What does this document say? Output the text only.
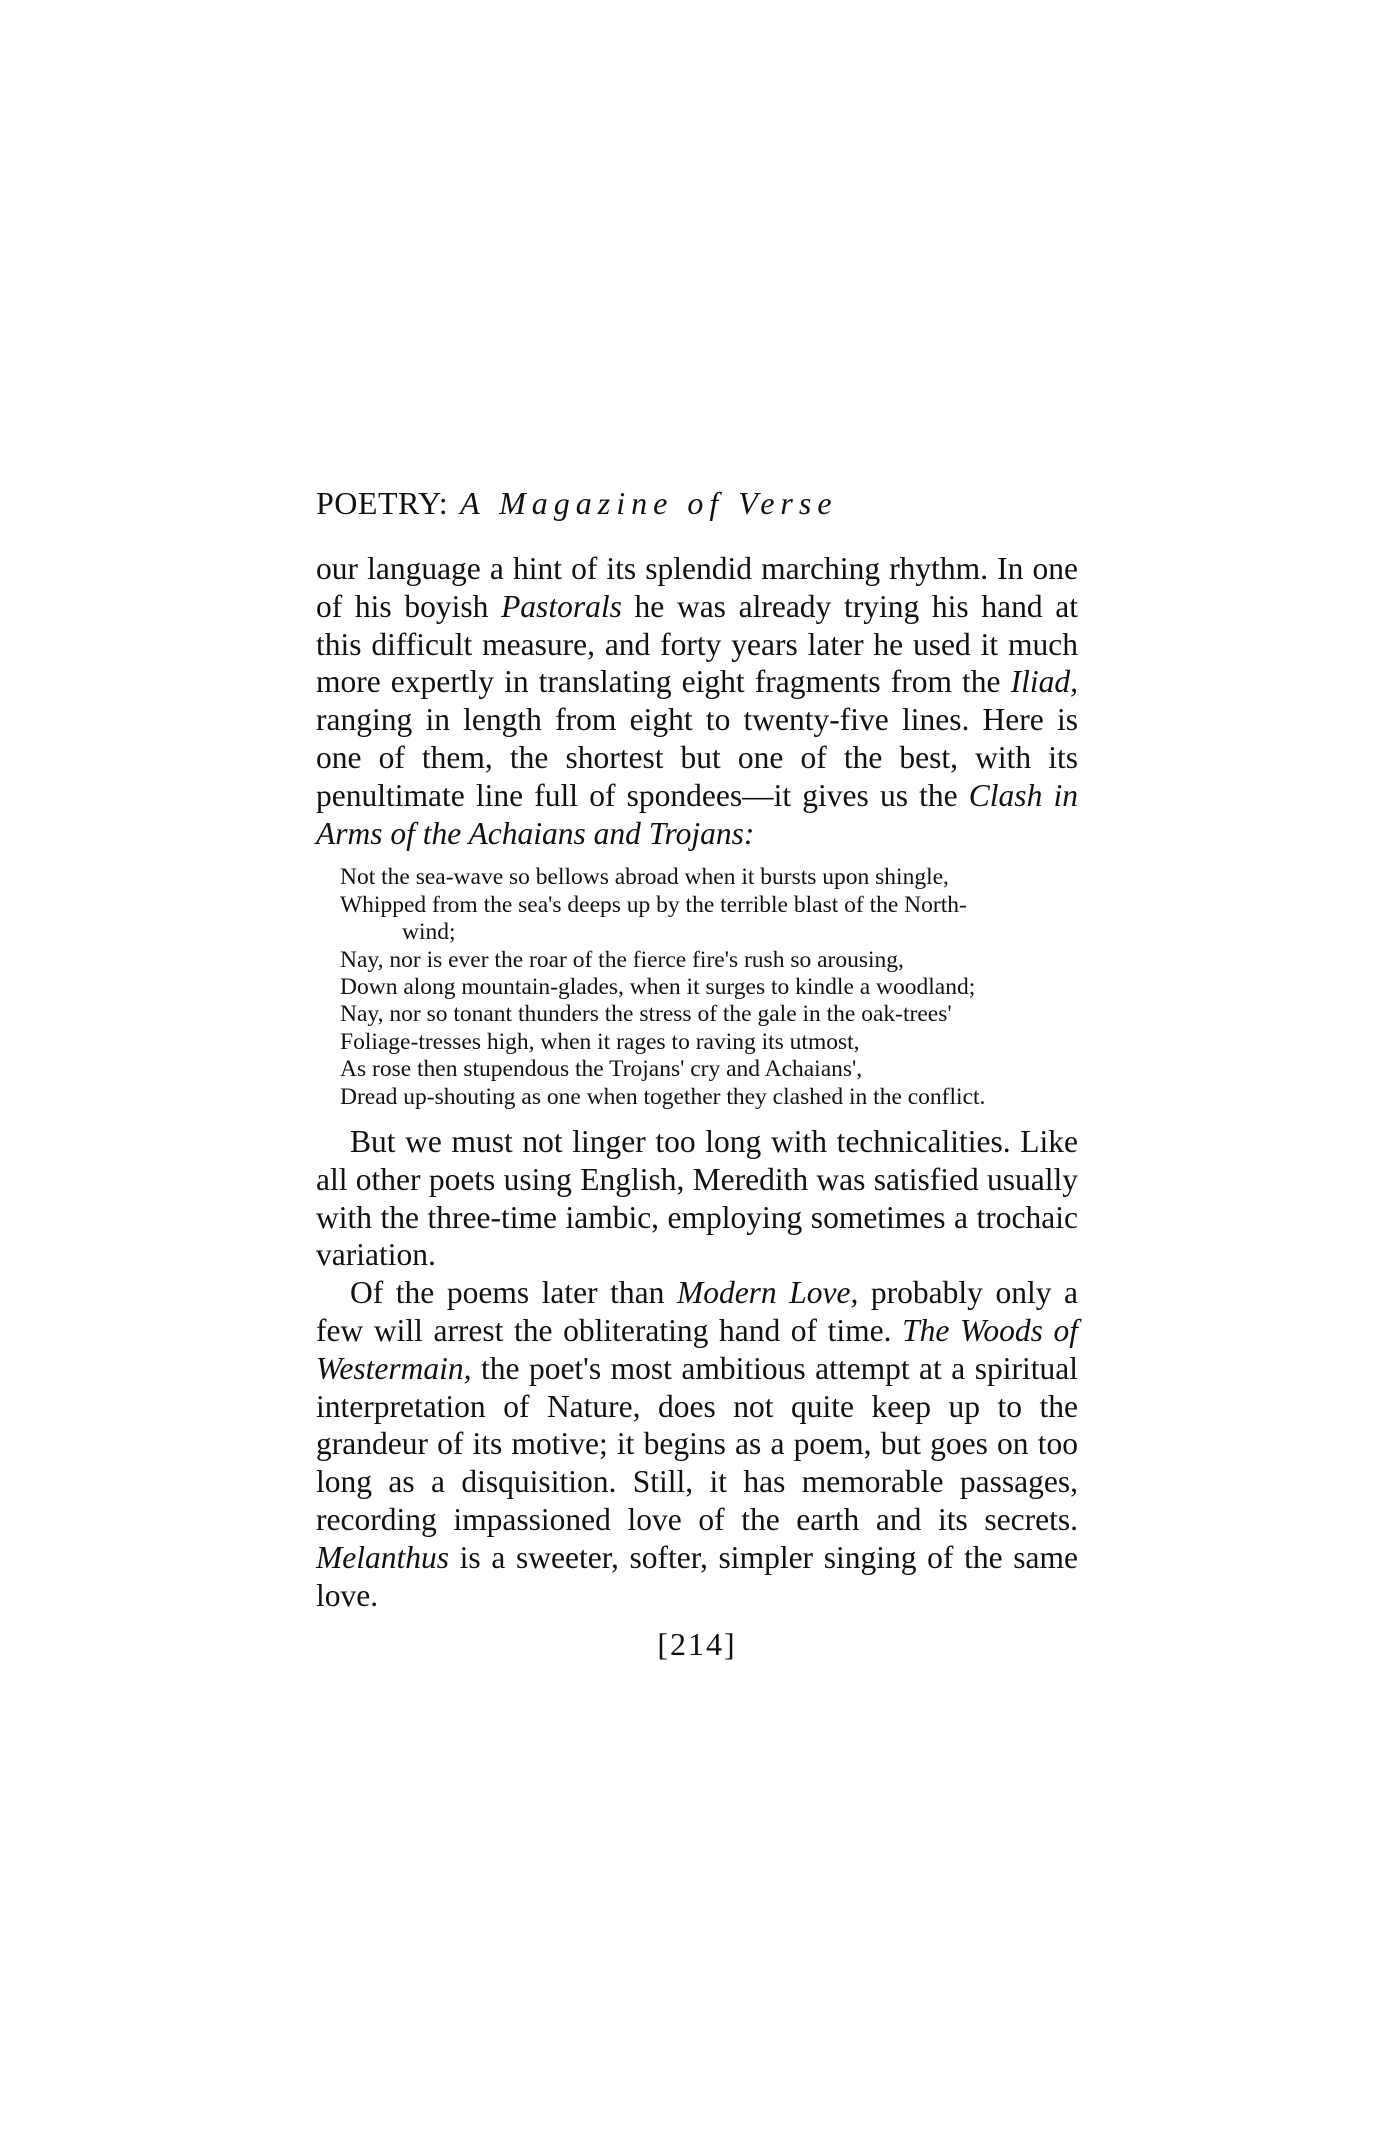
POETRY: A Magazine of Verse

our language a hint of its splendid marching rhythm. In one of his boyish Pastorals he was already trying his hand at this difficult measure, and forty years later he used it much more expertly in translating eight fragments from the Iliad, ranging in length from eight to twenty-five lines. Here is one of them, the shortest but one of the best, with its penultimate line full of spondees—it gives us the Clash in Arms of the Achaians and Trojans:

Not the sea-wave so bellows abroad when it bursts upon shingle,
Whipped from the sea's deeps up by the terrible blast of the North-
wind;
Nay, nor is ever the roar of the fierce fire's rush so arousing,
Down along mountain-glades, when it surges to kindle a woodland;
Nay, nor so tonant thunders the stress of the gale in the oak-trees'
Foliage-tresses high, when it rages to raving its utmost,
As rose then stupendous the Trojans' cry and Achaians',
Dread up-shouting as one when together they clashed in the conflict.

But we must not linger too long with technicalities. Like all other poets using English, Meredith was satisfied usually with the three-time iambic, employing sometimes a trochaic variation.

Of the poems later than Modern Love, probably only a few will arrest the obliterating hand of time. The Woods of Westermain, the poet's most ambitious attempt at a spiritual interpretation of Nature, does not quite keep up to the grandeur of its motive; it begins as a poem, but goes on too long as a disquisition. Still, it has memorable passages, recording impassioned love of the earth and its secrets. Melanthus is a sweeter, softer, simpler singing of the same love.

[214]
